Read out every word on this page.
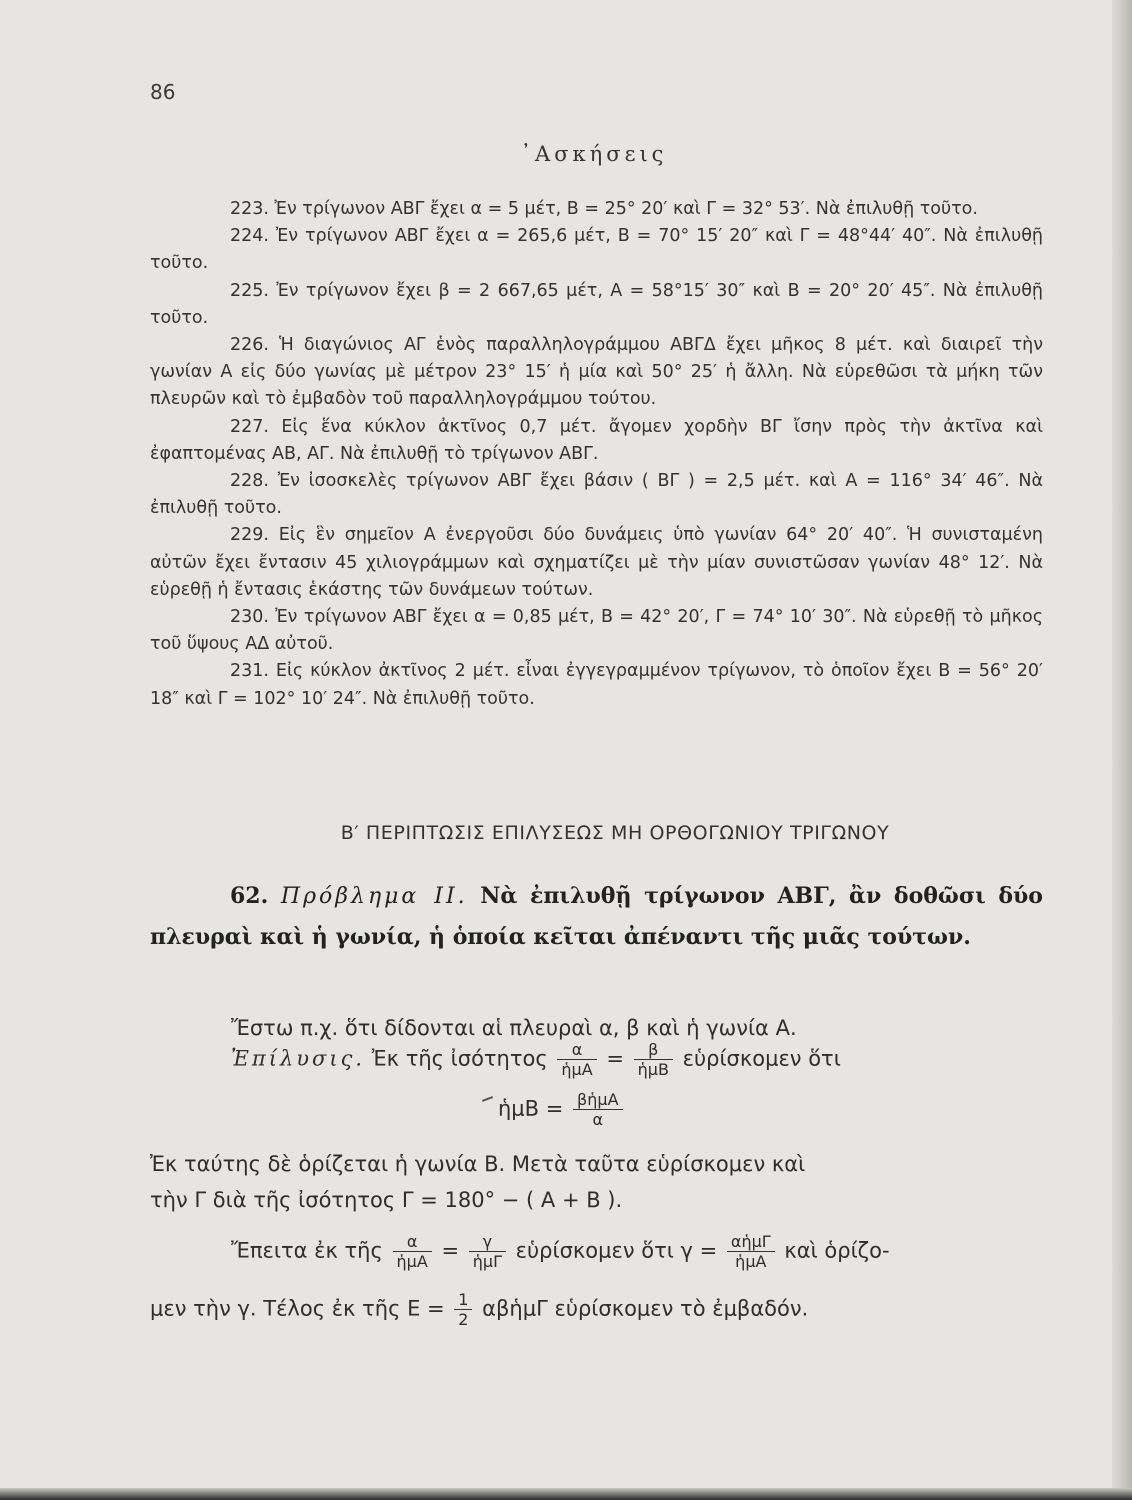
86
᾿Ασκήσεις

223. Ἐν τρίγωνον ΑΒΓ ἔχει α = 5 μέτ, Β = 25° 20′ καὶ Γ = 32° 53′. Νὰ ἐπιλυθῇ τοῦτο.

224. Ἐν τρίγωνον ΑΒΓ ἔχει α = 265,6 μέτ, Β = 70° 15′ 20″ καὶ Γ = 48°44′ 40″. Νὰ ἐπιλυθῇ τοῦτο.

225. Ἐν τρίγωνον ἔχει β = 2 667,65 μέτ, Α = 58°15′ 30″ καὶ Β = 20° 20′ 45″. Νὰ ἐπιλυθῇ τοῦτο.

226. Ἡ διαγώνιος ΑΓ ἑνὸς παραλληλογράμμου ΑΒΓΔ ἔχει μῆκος 8 μέτ. καὶ διαιρεῖ τὴν γωνίαν Α εἰς δύο γωνίας μὲ μέτρον 23° 15′ ἡ μία καὶ 50° 25′ ἡ ἄλλη. Νὰ εὑρεθῶσι τὰ μήκη τῶν πλευρῶν καὶ τὸ ἐμβαδὸν τοῦ παραλληλογράμμου τούτου.

227. Εἰς ἕνα κύκλον ἀκτῖνος 0,7 μέτ. ἄγομεν χορδὴν ΒΓ ἴσην πρὸς τὴν ἀκτῖνα καὶ ἐφαπτομένας ΑΒ, ΑΓ. Νὰ ἐπιλυθῇ τὸ τρίγωνον ΑΒΓ.

228. Ἐν ἰσοσκελὲς τρίγωνον ΑΒΓ ἔχει βάσιν ( ΒΓ ) = 2,5 μέτ. καὶ Α = 116° 34′ 46″. Νὰ ἐπιλυθῇ τοῦτο.

229. Εἰς ἓν σημεῖον Α ἐνεργοῦσι δύο δυνάμεις ὑπὸ γωνίαν 64° 20′ 40″. Ἡ συνισταμένη αὐτῶν ἔχει ἔντασιν 45 χιλιογράμμων καὶ σχηματίζει μὲ τὴν μίαν συνιστῶσαν γωνίαν 48° 12′. Νὰ εὑρεθῇ ἡ ἔντασις ἑκάστης τῶν δυνάμεων τούτων.

230. Ἐν τρίγωνον ΑΒΓ ἔχει α = 0,85 μέτ, Β = 42° 20′, Γ = 74° 10′ 30″. Νὰ εὑρεθῇ τὸ μῆκος τοῦ ὕψους ΑΔ αὐτοῦ.

231. Εἰς κύκλον ἀκτῖνος 2 μέτ. εἶναι ἐγγεγραμμένον τρίγωνον, τὸ ὁποῖον ἔχει Β = 56° 20′ 18″ καὶ Γ = 102° 10′ 24″. Νὰ ἐπιλυθῇ τοῦτο.

Β′ ΠΕΡΙΠΤΩΣΙΣ ΕΠΙΛΥΣΕΩΣ ΜΗ ΟΡΘΟΓΩΝΙΟΥ ΤΡΙΓΩΝΟΥ
62. Πρόβλημα ΙΙ. Νὰ ἐπιλυθῇ τρίγωνον ΑΒΓ, ἂν δοθῶσι δύο πλευραὶ καὶ ἡ γωνία, ἡ ὁποία κεῖται ἀπέναντι τῆς μιᾶς τούτων.
Ἔστω π.χ. ὅτι δίδονται αἱ πλευραὶ α, β καὶ ἡ γωνία Α.
Ἐπίλυσις. Ἐκ τῆς ἰσότητος $\frac{\alpha}{\text{ἡμΑ}} = \frac{\beta}{\text{ἡμΒ}}$ εὑρίσκομεν ὅτι
ἡμΒ = $\frac{\text{βἡμΑ}}{\alpha}$
Ἐκ ταύτης δὲ ὁρίζεται ἡ γωνία Β. Μετὰ ταῦτα εὑρίσκομεν καὶ
τὴν Γ διὰ τῆς ἰσότητος Γ = 180° − ( Α + Β ).
Ἔπειτα ἐκ τῆς $\frac{\alpha}{\text{ἡμΑ}} = \frac{\gamma}{\text{ἡμΓ}}$ εὑρίσκομεν ὅτι $\gamma = \frac{\text{αἡμΓ}}{\text{ἡμΑ}}$ καὶ ὁρίζο-
μεν τὴν γ. Τέλος ἐκ τῆς $E = \frac{1}{2}$ αβἡμΓ εὑρίσκομεν τὸ ἐμβαδόν.
